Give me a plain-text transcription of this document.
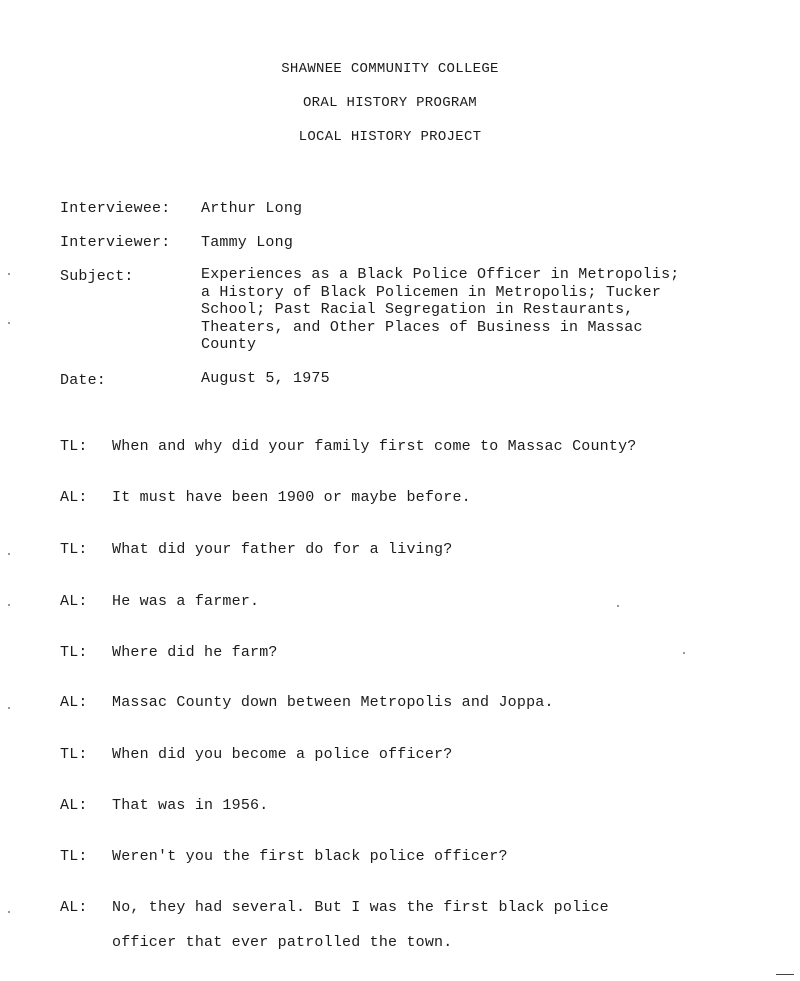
SHAWNEE COMMUNITY COLLEGE
ORAL HISTORY PROGRAM
LOCAL HISTORY PROJECT
Interviewee: Arthur Long
Interviewer: Tammy Long
Subject:	Experiences as a Black Police Officer in Metropolis;
a History of Black Policemen in Metropolis; Tucker
School; Past Racial Segregation in Restaurants,
Theaters, and Other Places of Business in Massac
County
Date:	August 5, 1975
TL: When and why did your family first come to Massac County?
AL: It must have been 1900 or maybe before.
TL: What did your father do for a living?
AL: He was a farmer.
TL: Where did he farm?
AL: Massac County down between Metropolis and Joppa.
TL: When did you become a police officer?
AL: That was in 1956.
TL: Weren't you the first black police officer?
AL: No, they had several. But I was the first black police
officer that ever patrolled the town.
